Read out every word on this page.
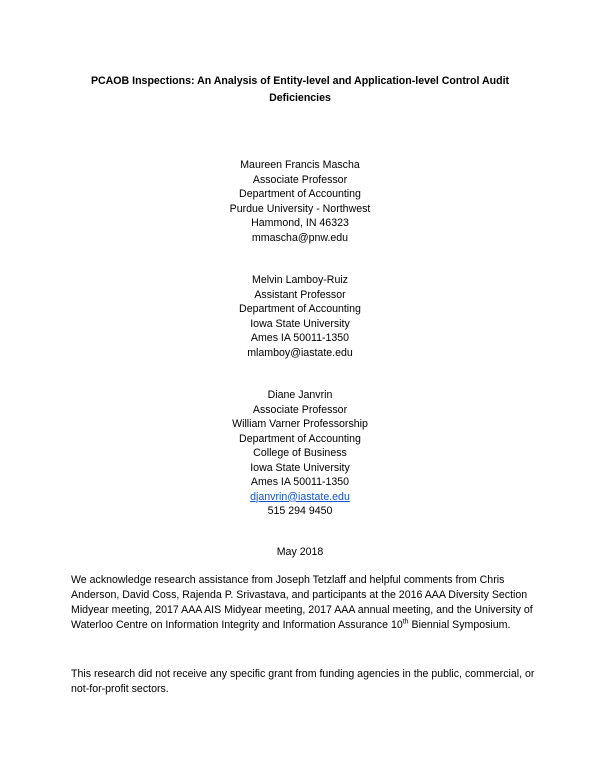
PCAOB Inspections: An Analysis of Entity-level and Application-level Control Audit
Deficiencies
Maureen Francis Mascha
Associate Professor
Department of Accounting
Purdue University - Northwest
Hammond, IN 46323
mmascha@pnw.edu
Melvin Lamboy-Ruiz
Assistant Professor
Department of Accounting
Iowa State University
Ames IA 50011-1350
mlamboy@iastate.edu
Diane Janvrin
Associate Professor
William Varner Professorship
Department of Accounting
College of Business
Iowa State University
Ames IA 50011-1350
djanvrin@iastate.edu
515 294 9450
May 2018
We acknowledge research assistance from Joseph Tetzlaff and helpful comments from Chris Anderson, David Coss, Rajenda P. Srivastava, and participants at the 2016 AAA Diversity Section Midyear meeting, 2017 AAA AIS Midyear meeting, 2017 AAA annual meeting, and the University of Waterloo Centre on Information Integrity and Information Assurance 10th Biennial Symposium.
This research did not receive any specific grant from funding agencies in the public, commercial, or not-for-profit sectors.
